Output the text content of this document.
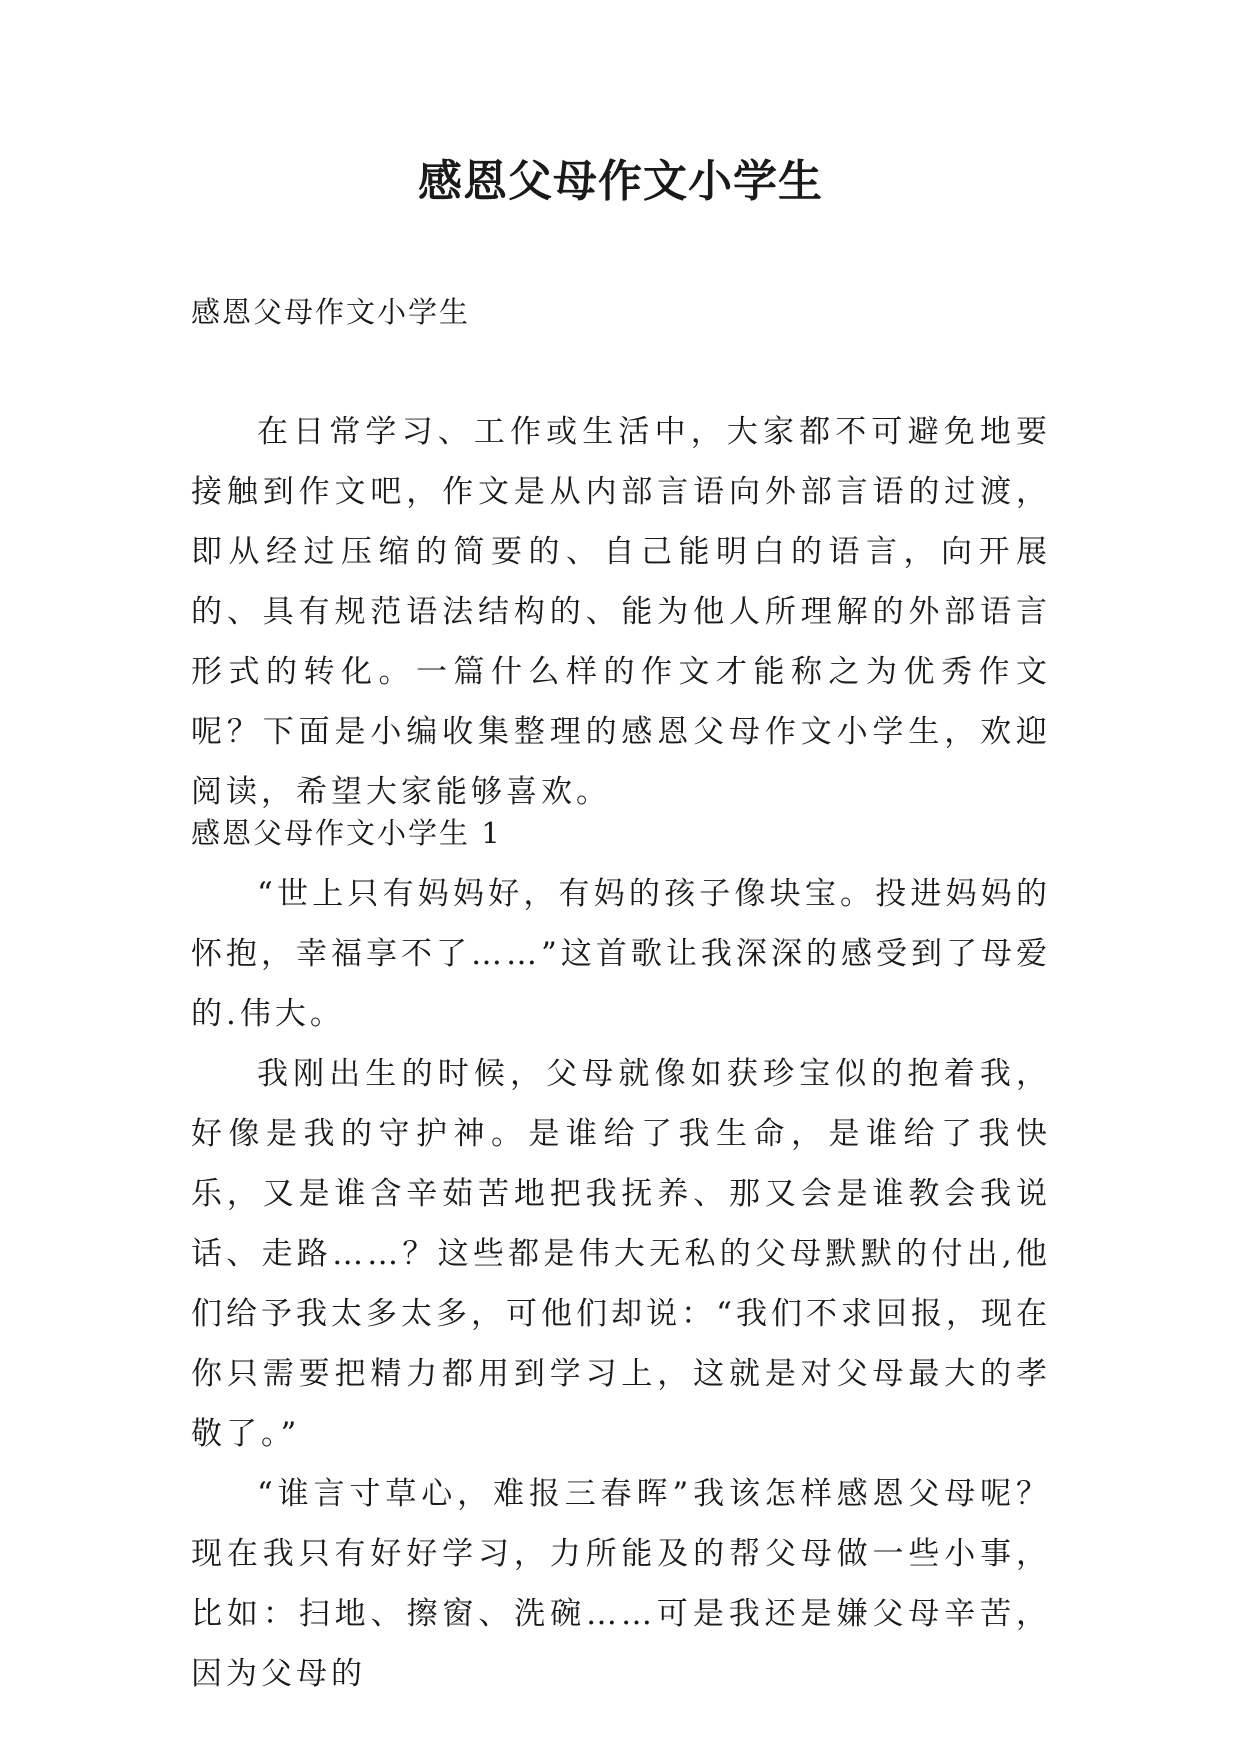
感恩父母作文小学生

感恩父母作文小学生

在日常学习、工作或生活中，大家都不可避免地要接触到作文吧，作文是从内部言语向外部言语的过渡，即从经过压缩的简要的、自己能明白的语言，向开展的、具有规范语法结构的、能为他人所理解的外部语言形式的转化。一篇什么样的作文才能称之为优秀作文呢？下面是小编收集整理的感恩父母作文小学生，欢迎阅读，希望大家能够喜欢。

感恩父母作文小学生 1

“世上只有妈妈好，有妈的孩子像块宝。投进妈妈的怀抱，幸福享不了……”这首歌让我深深的感受到了母爱的.伟大。

我刚出生的时候，父母就像如获珍宝似的抱着我，好像是我的守护神。是谁给了我生命，是谁给了我快乐，又是谁含辛茹苦地把我抚养、那又会是谁教会我说话、走路……？这些都是伟大无私的父母默默的付出,他们给予我太多太多，可他们却说：“我们不求回报，现在你只需要把精力都用到学习上，这就是对父母最大的孝敬了。”

“谁言寸草心，难报三春晖”我该怎样感恩父母呢？现在我只有好好学习，力所能及的帮父母做一些小事，比如：扫地、擦窗、洗碗……可是我还是嫌父母辛苦，因为父母的
